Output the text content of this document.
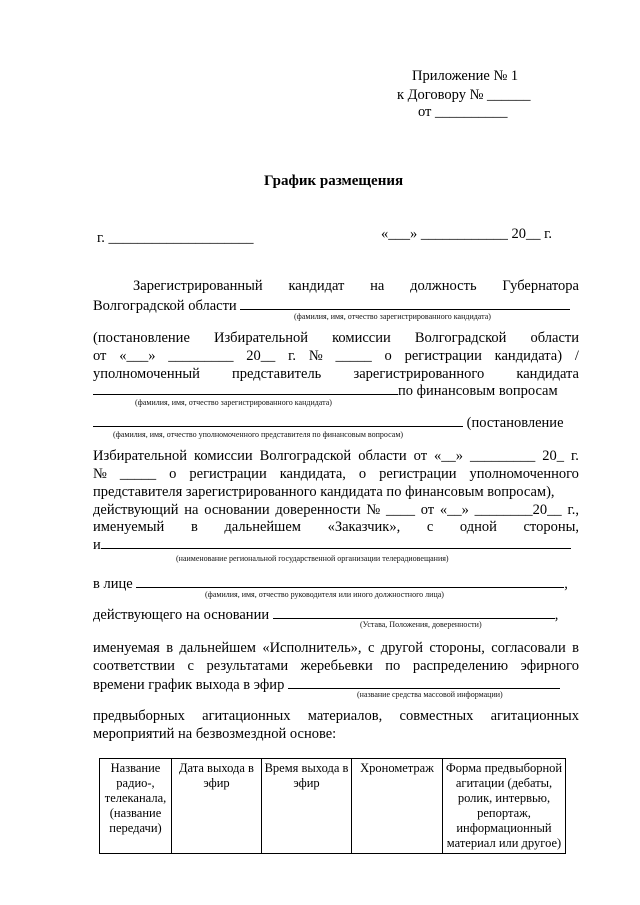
Приложение № 1
к Договору № ______
от __________
График размещения
г. ____________________	«___» ____________ 20__ г.
Зарегистрированный кандидат на должность Губернатора
Волгоградской области
(фамилия, имя, отчество зарегистрированного кандидата)
(постановление Избирательной комиссии Волгоградской области
от «___» _________ 20__ г. № _____ о регистрации кандидата) /
уполномоченный представитель зарегистрированного кандидата
по финансовым вопросам
(фамилия, имя, отчество зарегистрированного кандидата)
(постановление
(фамилия, имя, отчество уполномоченного представителя по финансовым вопросам)
Избирательной комиссии Волгоградской области от «__» _________ 20_ г.
№ _____ о регистрации кандидата, о регистрации уполномоченного
представителя зарегистрированного кандидата по финансовым вопросам),
действующий на основании доверенности № ____ от «__» ________20__ г.,
именуемый в дальнейшем «Заказчик», с одной стороны,
и
(наименование региональной государственной организации телерадиовещания)
в лице	,
(фамилия, имя, отчество руководителя или иного должностного лица)
действующего на основании	,
(Устава, Положения, доверенности)
именуемая в дальнейшем «Исполнитель», с другой стороны, согласовали в
соответствии с результатами жеребьевки по распределению эфирного
времени график выхода в эфир
(название средства массовой информации)
предвыборных агитационных материалов, совместных агитационных
мероприятий на безвозмездной основе:
Название радио-, телеканала, (название передачи)	Дата выхода в эфир	Время выхода в эфир	Хронометраж	Форма предвыборной агитации (дебаты, ролик, интервью, репортаж, информационный материал или другое)
